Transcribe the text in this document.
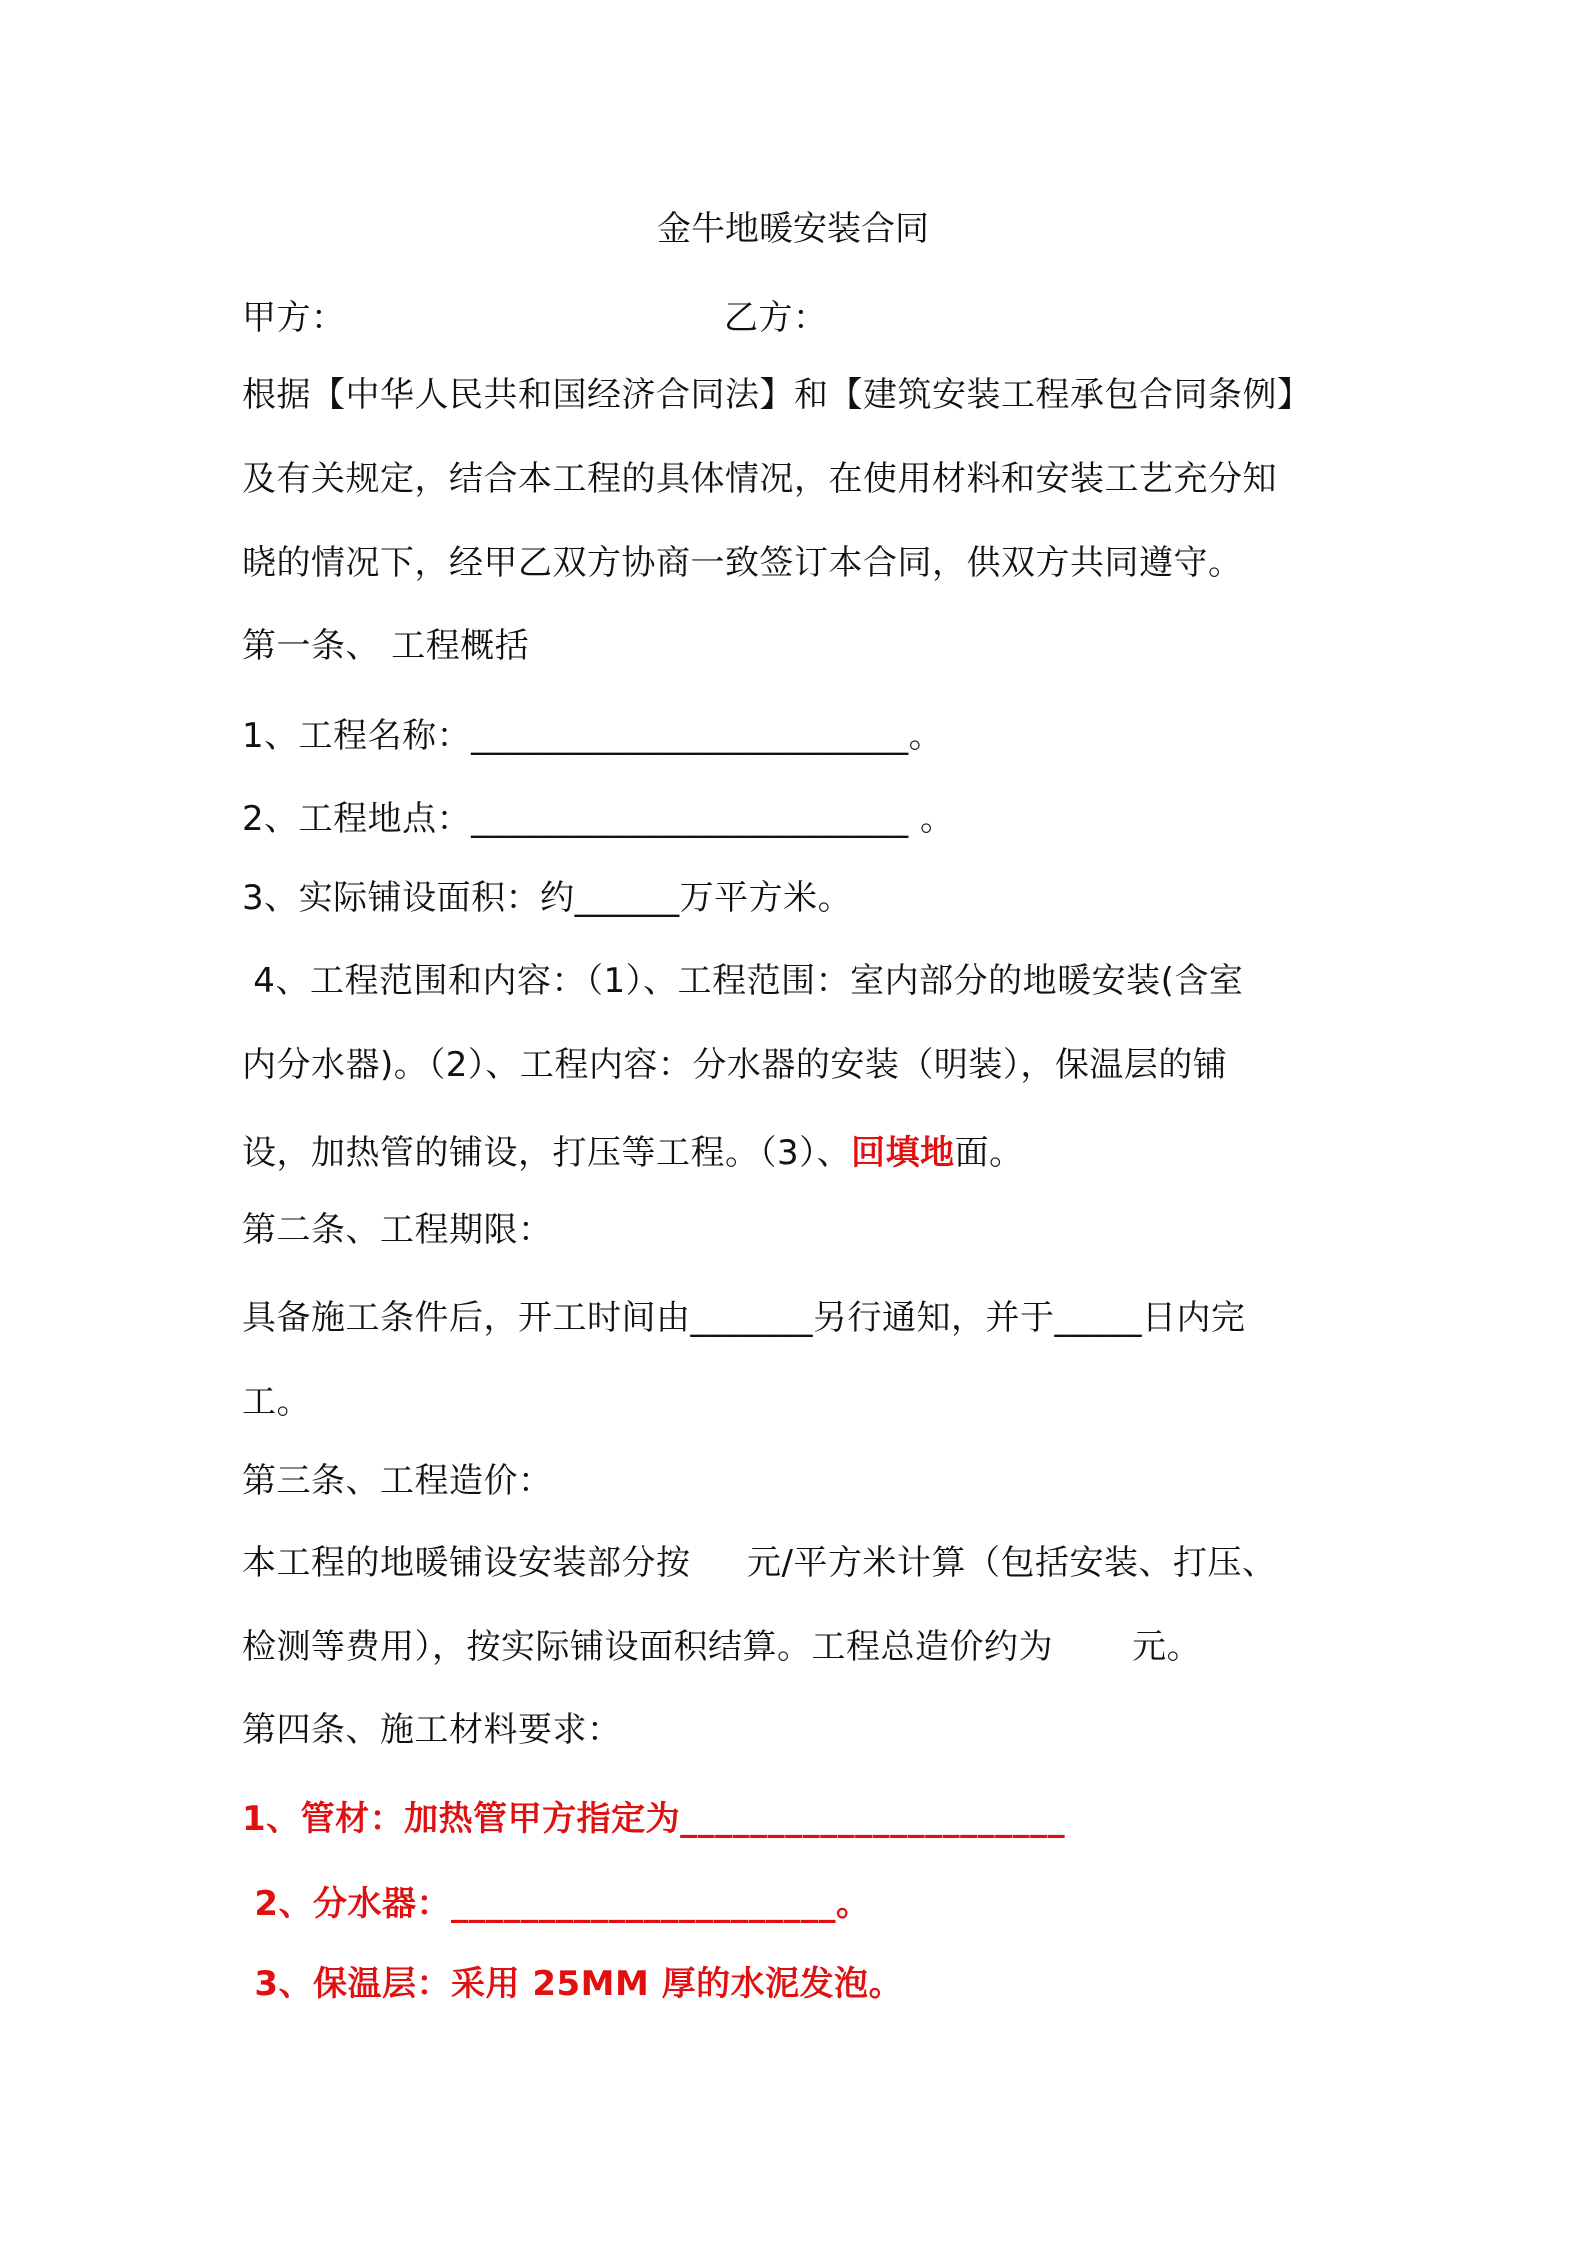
金牛地暖安装合同
甲方：	乙方：
根据【中华人民共和国经济合同法】和【建筑安装工程承包合同条例】
及有关规定，结合本工程的具体情况，在使用材料和安装工艺充分知
晓的情况下，经甲乙双方协商一致签订本合同，供双方共同遵守。
第一条、 工程概括
1、工程名称：_________________________。
2、工程地点：_________________________ 。
3、实际铺设面积：约______万平方米。
4、工程范围和内容：（1）、工程范围：室内部分的地暖安装(含室
内分水器)。（2）、工程内容：分水器的安装（明装），保温层的铺
设，加热管的铺设，打压等工程。（3）、回填地面。
第二条、工程期限：
具备施工条件后，开工时间由_______另行通知，并于_____日内完
工。
第三条、工程造价：
本工程的地暖铺设安装部分按     元/平方米计算（包括安装、打压、
检测等费用），按实际铺设面积结算。工程总造价约为       元。
第四条、施工材料要求：
1、管材：加热管甲方指定为______________________
2、分水器：______________________。
3、保温层：采用 25MM 厚的水泥发泡。
